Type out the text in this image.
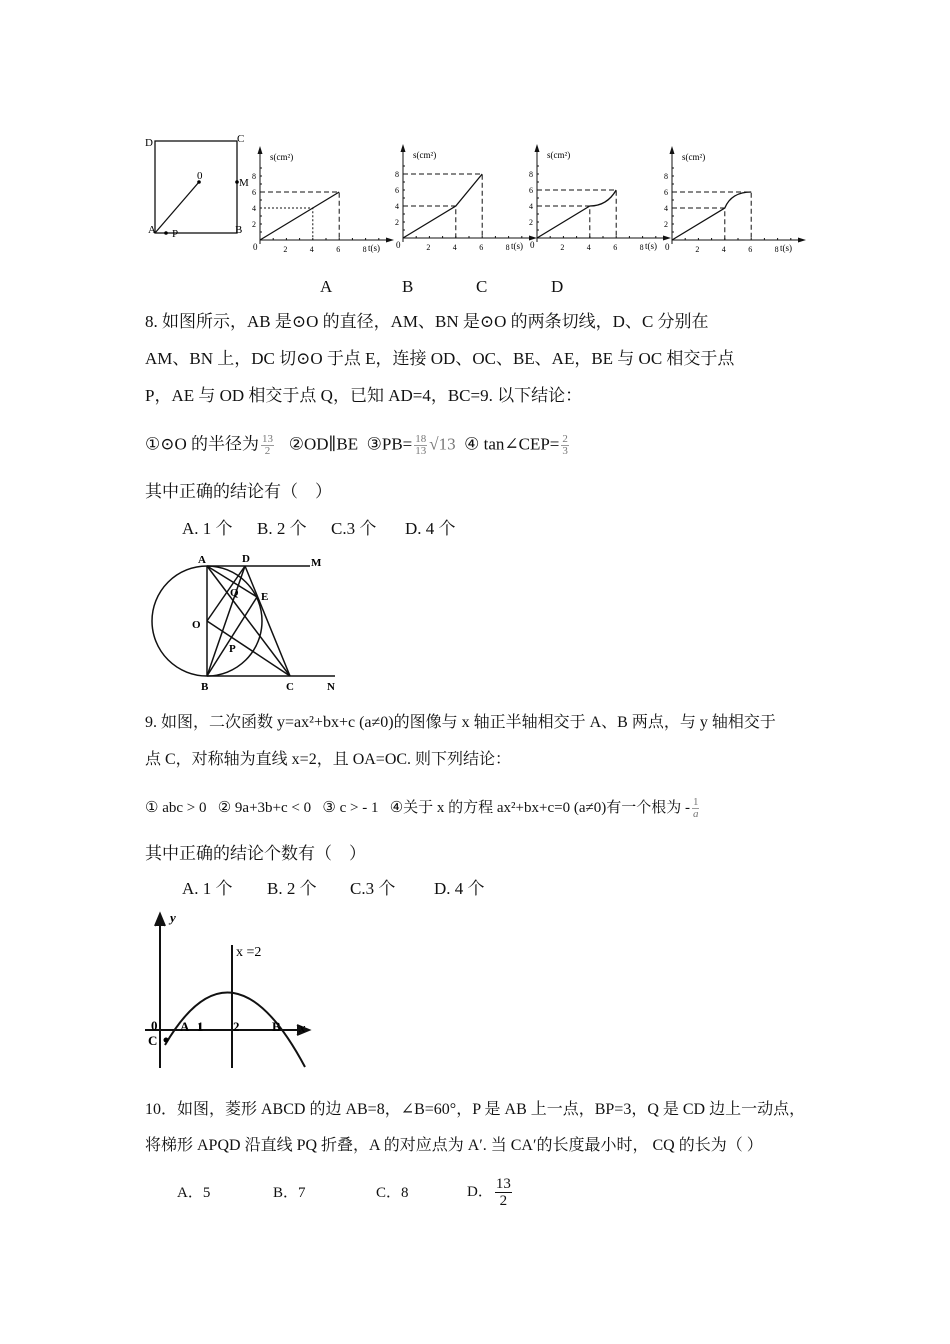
D	C
A P	B
M
0
2	4	6	8
2
4
6
8
0
s(cm²)
t(s)	2	4	6	8
2
4
6
8
0
s(cm²)
t(s)	2	4	6	8
2
4
6
8
0
s(cm²)
t(s)	2	4	6	8
2
4
6
8
0
s(cm²)
t(s)
A	B	C	D
8. 如图所示，AB 是⊙O 的直径，AM、BN 是⊙O 的两条切线，D、C 分别在
AM、BN 上，DC 切⊙O 于点 E，连接 OD、OC、BE、AE，BE 与 OC 相交于点
P，AE 与 OD 相交于点 Q，已知 AD=4，BC=9. 以下结论：
①⊙O 的半径为 $\frac{13}{2}$ ②OD∥BE ③PB= $\frac{18}{13} √13$ ④ tan∠CEP= $\frac{2}{3}$
其中正确的结论有（　）
A. 1 个 B. 2 个 C.3 个 D. 4 个
A	D	M
Q E
O
P
B	C	N
9. 如图，二次函数 y=ax²+bx+c (a≠0)的图像与 x 轴正半轴相交于 A、B 两点，与 y 轴相交于
点 C，对称轴为直线 x=2，且 OA=OC. 则下列结论：
① abc > 0 ② 9a+3b+c < 0 ③ c > - 1 ④关于 x 的方程 ax²+bx+c=0 (a≠0)有一个根为 - $\frac{1}{a}$
其中正确的结论个数有（　）
A. 1 个 B. 2 个 C.3 个 D. 4 个
y
x
x =2
0 A 1 2	B
C
10．如图，菱形 ABCD 的边 AB=8，∠B=60°，P 是 AB 上一点，BP=3，Q 是 CD 边上一动点，
将梯形 APQD 沿直线 PQ 折叠，A 的对应点为 A′. 当 CA′的长度最小时， CQ 的长为（ ）
A．5	B．7	C．8	D． $\frac{13}{2}$
